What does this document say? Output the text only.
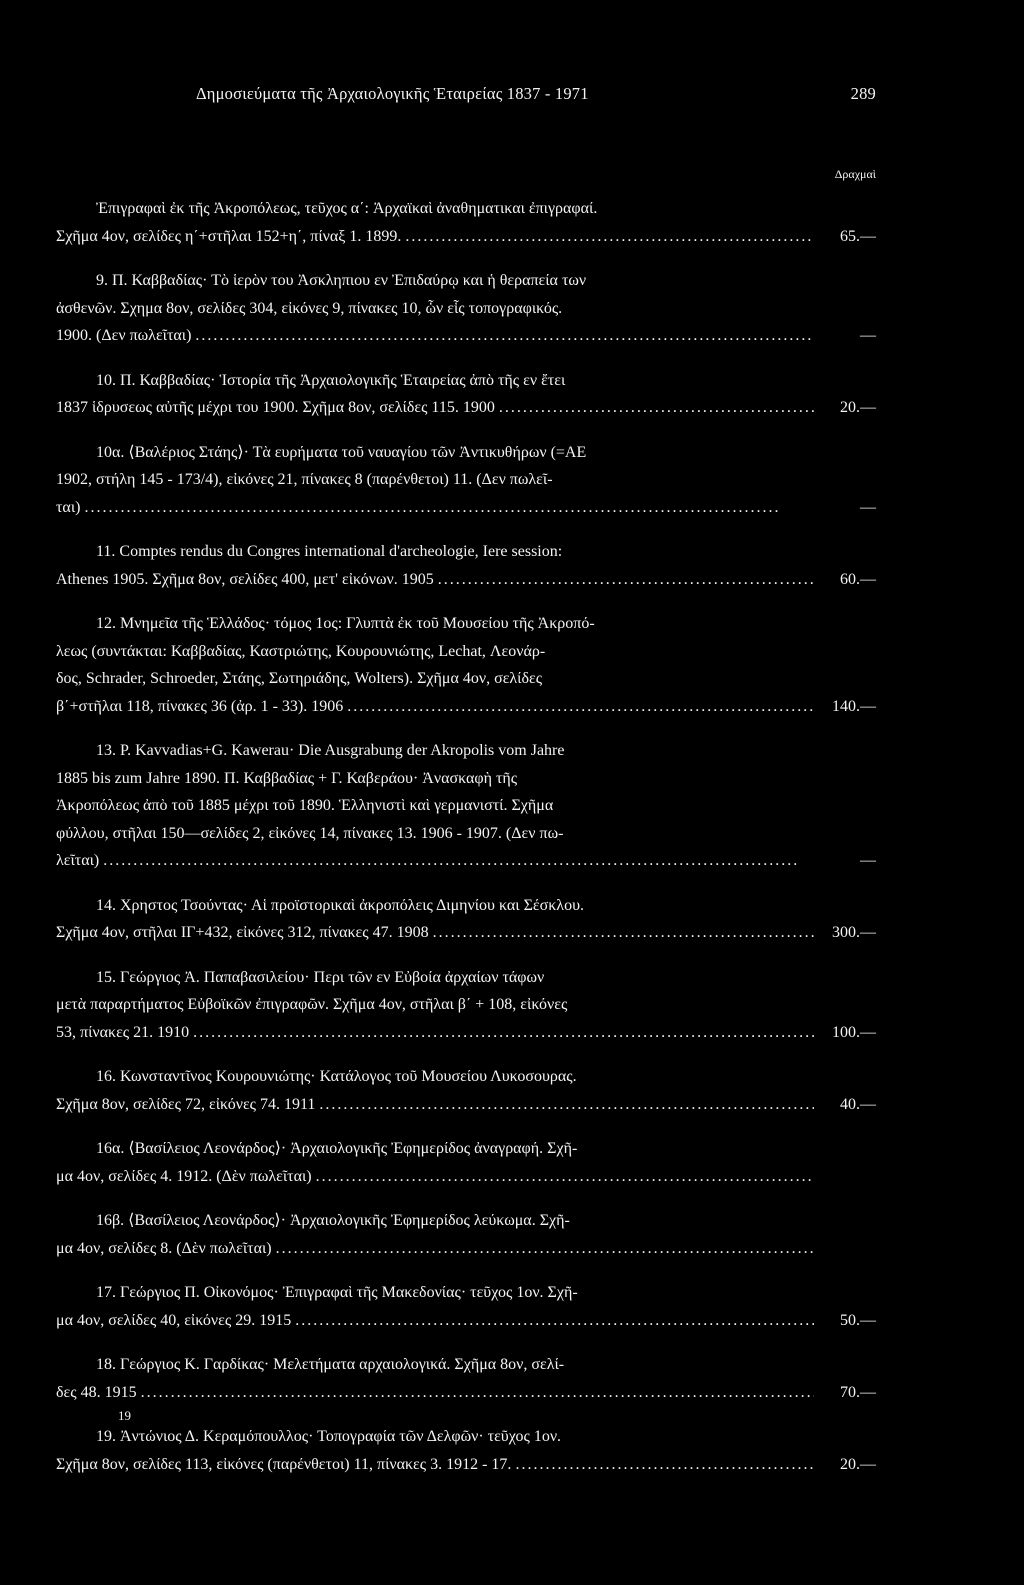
Δημοσιεύματα τῆς Ἀρχαιολογικῆς Ἑταιρείας 1837 - 1971	289
Δραχμαὶ
Ἐπιγραφαὶ ἐκ τῆς Ἀκροπόλεως, τεῦχος α΄: Ἀρχαϊκαὶ ἀναθηματικαι ἐπιγραφαί.
Σχῆμα 4ον, σελίδες η΄+στῆλαι 152+η΄, πίναξ 1. 1899. . . .	65.—
9. Π. Καββαδίας· Τὸ ἱερὸν του Ἀσκληπιου εν Ἐπιδαύρῳ και ἡ θεραπεία των
ἀσθενῶν. Σχημα 8ον, σελίδες 304, εἰκόνες 9, πίνακες 10, ὧν εἷς τοπογραφικός.
1900. (Δεν πωλεῖται) . . .	—
10. Π. Καββαδίας· Ἱστορία τῆς Ἀρχαιολογικῆς Ἑταιρείας ἀπὸ τῆς εν ἔτει
1837 ἱδρυσεως αὐτῆς μέχρι του 1900. Σχῆμα 8ον, σελίδες 115. 1900 . . .	20.—
10α. ⟨Βαλέριος Στάης⟩· Τὰ ευρήματα τοῦ ναυαγίου τῶν Ἀντικυθήρων (=ΑΕ
1902, στήλη 145 - 173/4), εἰκόνες 21, πίνακες 8 (παρένθετοι) 11. (Δεν πωλεῖ-
ται) . . .	—
11. Comptes rendus du Congres international d'archeologie, Iere session:
Athenes 1905. Σχῆμα 8ον, σελίδες 400, μετ' εἰκόνων. 1905 . . .	60.—
12. Μνημεῖα τῆς Ἑλλάδος· τόμος 1ος: Γλυπτὰ ἐκ τοῦ Μουσείου τῆς Ἀκροπό-
λεως (συντάκται: Καββαδίας, Καστριώτης, Κουρουνιώτης, Lechat, Λεονάρ-
δος, Schrader, Schroeder, Στάης, Σωτηριάδης, Wolters). Σχῆμα 4ον, σελίδες
β΄+στῆλαι 118, πίνακες 36 (ἀρ. 1 - 33). 1906 . . .	140.—
13. P. Kavvadias+G. Kawerau· Die Ausgrabung der Akropolis vom Jahre
1885 bis zum Jahre 1890. Π. Καββαδίας + Γ. Καβεράου· Ἀνασκαφὴ τῆς
Ἀκροπόλεως ἀπὸ τοῦ 1885 μέχρι τοῦ 1890. Ἑλληνιστὶ καὶ γερμανιστί. Σχῆμα
φύλλου, στῆλαι 150—σελίδες 2, εἰκόνες 14, πίνακες 13. 1906 - 1907. (Δεν πω-
λεῖται) . . .	—
14. Χρηστος Τσούντας· Αἱ προϊστορικαὶ ἀκροπόλεις Διμηνίου και Σέσκλου.
Σχῆμα 4ον, στῆλαι ΙΓ+432, εἰκόνες 312, πίνακες 47. 1908 . . .	300.—
15. Γεώργιος Ἀ. Παπαβασιλείου· Περι τῶν εν Εὐβοία ἀρχαίων τάφων
μετὰ παραρτήματος Εὐβοϊκῶν ἐπιγραφῶν. Σχῆμα 4ον, στῆλαι β΄ + 108, εἰκόνες
53, πίνακες 21. 1910 . . .	100.—
16. Κωνσταντῖνος Κουρουνιώτης· Κατάλογος τοῦ Μουσείου Λυκοσουρας.
Σχῆμα 8ον, σελίδες 72, εἰκόνες 74. 1911 . . .	40.—
16α. ⟨Βασίλειος Λεονάρδος⟩· Ἀρχαιολογικῆς Ἐφημερίδος ἀναγραφή. Σχῆ-
μα 4ον, σελίδες 4. 1912. (Δὲν πωλεῖται)
. . .
16β. ⟨Βασίλειος Λεονάρδος⟩· Ἀρχαιολογικῆς Ἐφημερίδος λεύκωμα. Σχῆ-
μα 4ον, σελίδες 8. (Δὲν πωλεῖται)
. . .
17. Γεώργιος Π. Οἰκονόμος· Ἐπιγραφαὶ τῆς Μακεδονίας· τεῦχος 1ον. Σχῆ-
μα 4ον, σελίδες 40, εἰκόνες 29. 1915 . . .	50.—
18. Γεώργιος Κ. Γαρδίκας· Μελετήματα αρχαιολογικά. Σχῆμα 8ον, σελί-
δες 48. 1915 . . .	70.—
19. Ἀντώνιος Δ. Κεραμόπουλλος· Τοπογραφία τῶν Δελφῶν· τεῦχος 1ον.
Σχῆμα 8ον, σελίδες 113, εἰκόνες (παρένθετοι) 11, πίνακες 3. 1912 - 17. . . .	20.—
19
